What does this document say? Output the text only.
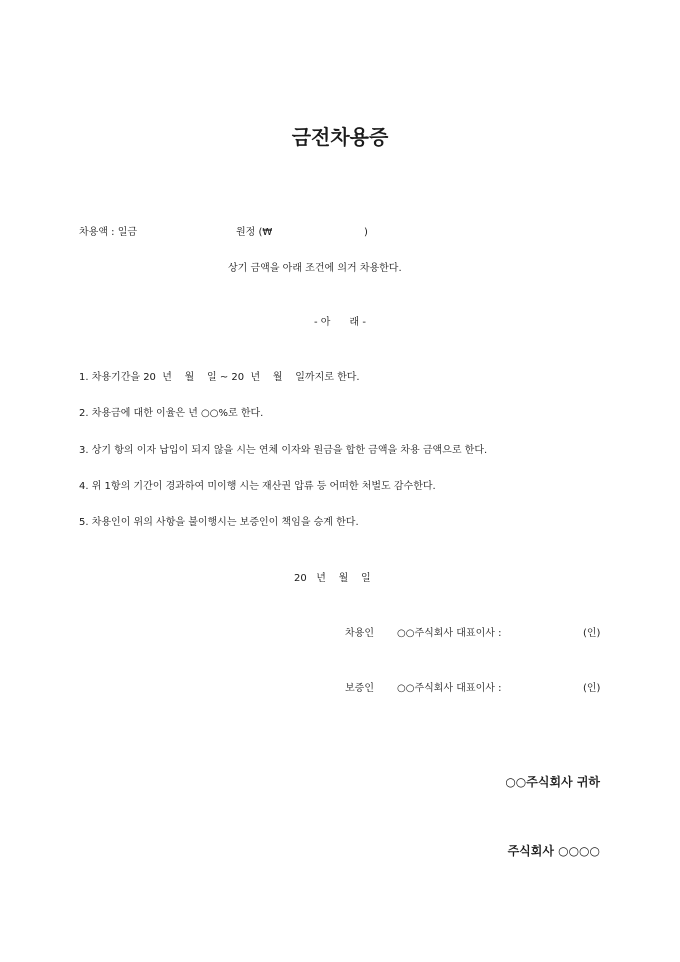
금전차용증
차용액 : 일금	원정 (₩	)
상기 금액을 아래 조건에 의거 차용한다.
- 아      래 -
1. 차용기간을 20  년    월    일 ~ 20  년    월    일까지로 한다.
2. 차용금에 대한 이율은 년 ○○%로 한다.
3. 상기 항의 이자 납입이 되지 않을 시는 연체 이자와 원금을 합한 금액을 차용 금액으로 한다.
4. 위 1항의 기간이 경과하여 미이행 시는 재산권 압류 등 어떠한 처벌도 감수한다.
5. 차용인이 위의 사항을 불이행시는 보증인이 책임을 승계 한다.
20   년    월    일
차용인 ○○주식회사 대표이사 :	(인)
보증인 ○○주식회사 대표이사 :	(인)
○○주식회사 귀하
주식회사 ○○○○
